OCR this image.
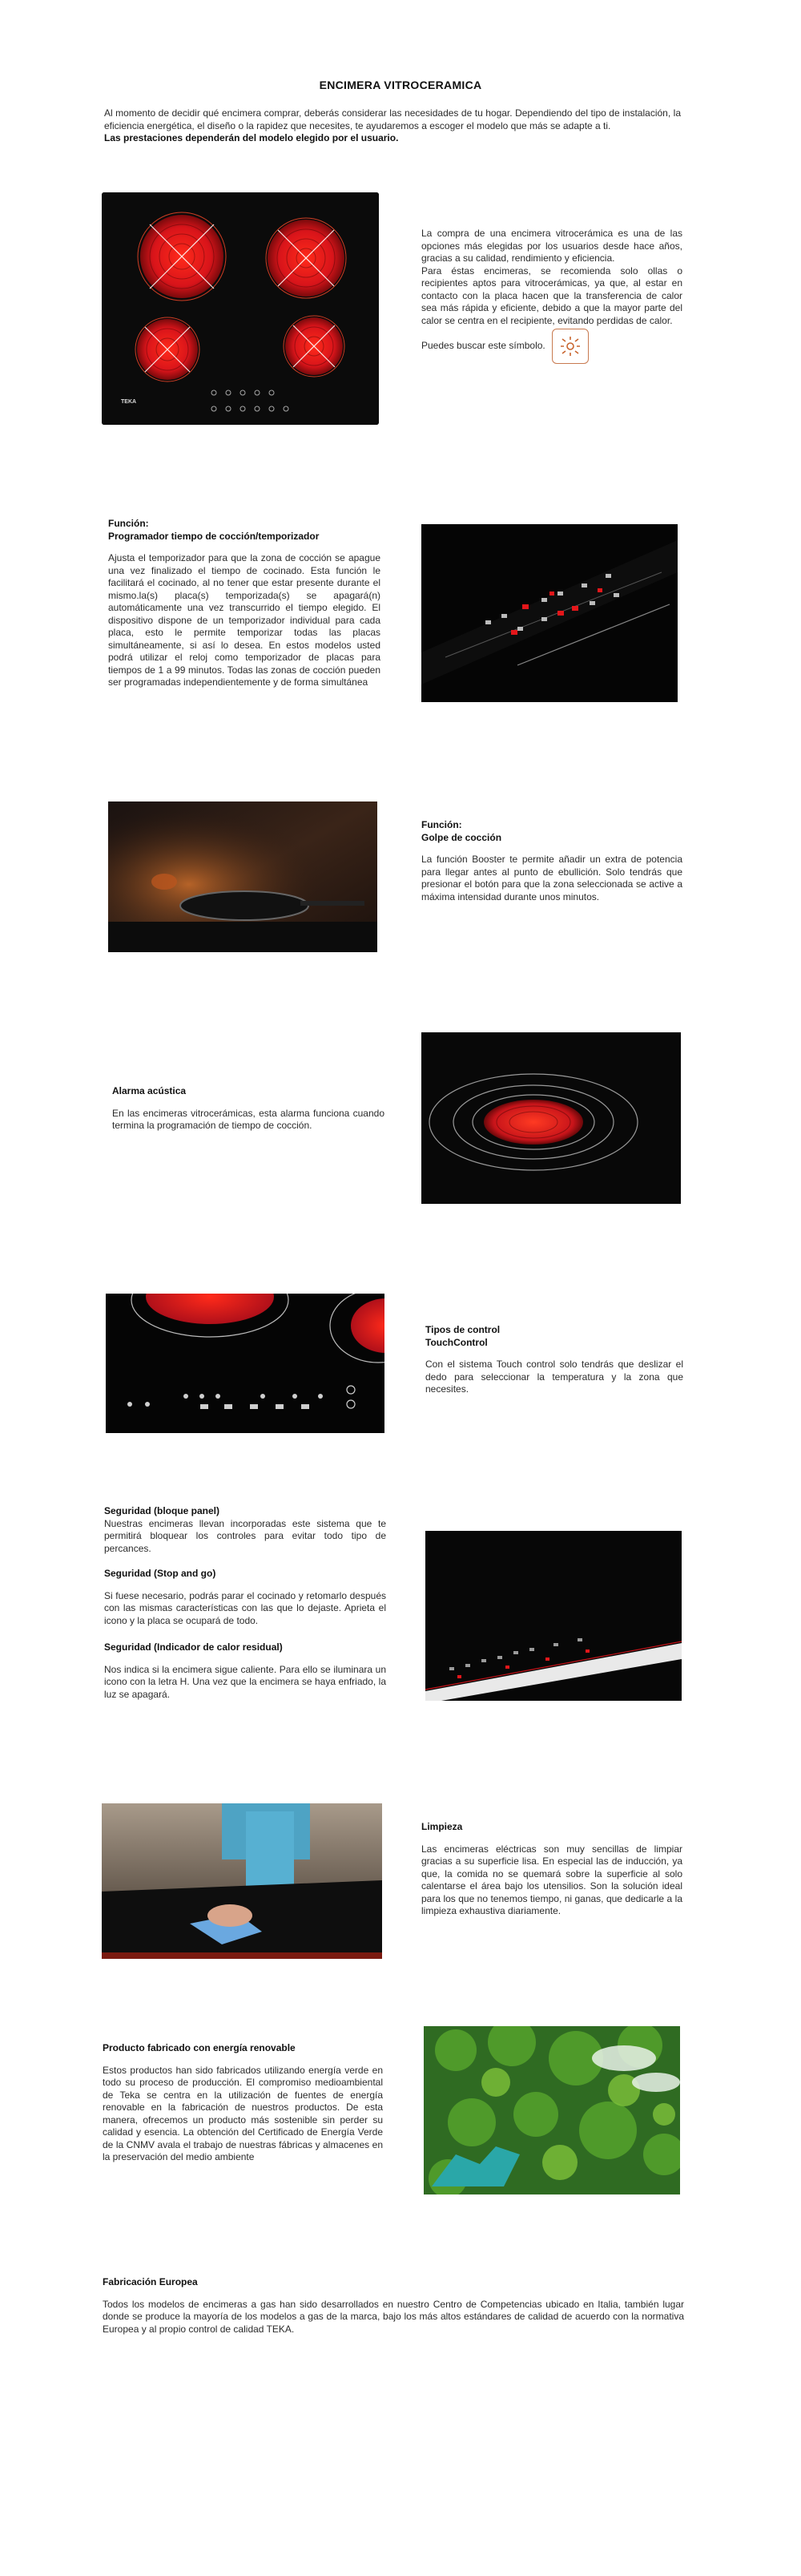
ENCIMERA VITROCERAMICA

Al momento de decidir qué encimera comprar, deberás considerar las necesidades de tu hogar. Dependiendo del tipo de instalación, la eficiencia energética, el diseño o la rapidez que necesites, te ayudaremos a escoger el modelo que más se adapte a ti.

Las prestaciones dependerán del modelo elegido por el usuario.

TEKA

La compra de una encimera vitrocerámica es una de las opciones más elegidas por los usuarios desde hace años, gracias a su calidad, rendimiento y eficiencia.

Para éstas encimeras, se recomienda solo ollas o recipientes aptos para vitrocerámicas, ya que, al estar en contacto con la placa hacen que la transferencia de calor sea más rápida y eficiente, debido a que la mayor parte del calor se centra en el recipiente, evitando perdidas de calor.

Puedes buscar este símbolo.

Función:

Programador tiempo de cocción/temporizador

Ajusta el temporizador para que la zona de cocción se apague una vez finalizado el tiempo de cocinado. Esta función le facilitará el cocinado, al no tener que estar presente durante el mismo.la(s) placa(s) temporizada(s) se apagará(n) automáticamente una vez transcurrido el tiempo elegido. El dispositivo dispone de un temporizador individual para cada placa, esto le permite temporizar todas las placas simultáneamente, si así lo desea. En estos modelos usted podrá utilizar el reloj como temporizador de placas para tiempos de 1 a 99 minutos. Todas las zonas de cocción pueden ser programadas independientemente y de forma simultánea

Función:

Golpe de cocción

La función Booster te permite añadir un extra de potencia para llegar antes al punto de ebullición. Solo tendrás que presionar el botón para que la zona seleccionada se active a máxima intensidad durante unos minutos.

Alarma acústica

En las encimeras vitrocerámicas, esta alarma funciona cuando termina la programación de tiempo de cocción.

Tipos de control

TouchControl

Con el sistema Touch control solo tendrás que deslizar el dedo para seleccionar la temperatura y la zona que necesites.

Seguridad (bloque panel)

Nuestras encimeras llevan incorporadas este sistema que te permitirá bloquear los controles para evitar todo tipo de percances.

Seguridad (Stop and go)

Si fuese necesario, podrás parar el cocinado y retomarlo después con las mismas características con las que lo dejaste. Aprieta el icono y la placa se ocupará de todo.

Seguridad (Indicador de calor residual)

Nos indica si la encimera sigue caliente. Para ello se iluminara un icono con la letra H. Una vez que la encimera se haya enfriado, la luz se apagará.

Limpieza

Las encimeras eléctricas son muy sencillas de limpiar gracias a su superficie lisa. En especial las de inducción, ya que, la comida no se quemará sobre la superficie al solo calentarse el área bajo los utensilios. Son la solución ideal para los que no tenemos tiempo, ni ganas, que dedicarle a la limpieza exhaustiva diariamente.

Producto fabricado con energía renovable

Estos productos han sido fabricados utilizando energía verde en todo su proceso de producción. El compromiso medioambiental de Teka se centra en la utilización de fuentes de energía renovable en la fabricación de nuestros productos. De esta manera, ofrecemos un producto más sostenible sin perder su calidad y esencia. La obtención del Certificado de Energía Verde de la CNMV avala el trabajo de nuestras fábricas y almacenes en la preservación del medio ambiente

Fabricación Europea

Todos los modelos de encimeras a gas han sido desarrollados en nuestro Centro de Competencias ubicado en Italia, también lugar donde se produce la mayoría de los modelos a gas de la marca, bajo los más altos estándares de calidad de acuerdo con la normativa Europea y al propio control de calidad TEKA.
